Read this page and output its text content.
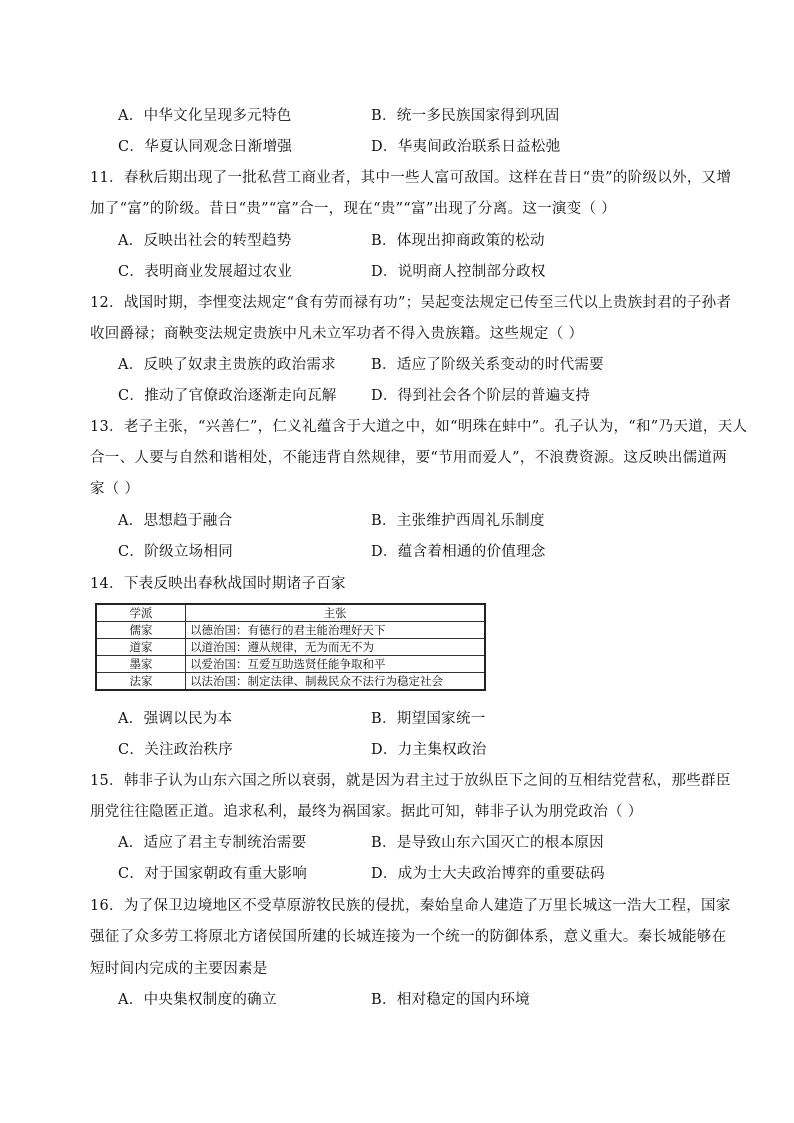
A．中华文化呈现多元特色	B．统一多民族国家得到巩固
C．华夏认同观念日渐增强	D．华夷间政治联系日益松弛
11．春秋后期出现了一批私营工商业者，其中一些人富可敌国。这样在昔日“贵”的阶级以外，又增
加了“富”的阶级。昔日“贵”“富”合一，现在“贵”“富”出现了分离。这一演变（ ）
A．反映出社会的转型趋势	B．体现出抑商政策的松动
C．表明商业发展超过农业	D．说明商人控制部分政权
12．战国时期，李悝变法规定“食有劳而禄有功”；吴起变法规定已传至三代以上贵族封君的子孙者
收回爵禄；商鞅变法规定贵族中凡未立军功者不得入贵族籍。这些规定（ ）
A．反映了奴隶主贵族的政治需求 B．适应了阶级关系变动的时代需要
C．推动了官僚政治逐渐走向瓦解 D．得到社会各个阶层的普遍支持
13．老子主张，“兴善仁”，仁义礼蕴含于大道之中，如“明珠在蚌中”。孔子认为，“和”乃天道，天人
合一、人要与自然和谐相处，不能违背自然规律，要“节用而爱人”，不浪费资源。这反映出儒道两
家（ ）
A．思想趋于融合	B．主张维护西周礼乐制度
C．阶级立场相同	D．蕴含着相通的价值理念
14．下表反映出春秋战国时期诸子百家
学派	主张
儒家	以德治国：有德行的君主能治理好天下
道家	以道治国：遵从规律，无为而无不为
墨家	以爱治国：互爱互助选贤任能争取和平
法家	以法治国：制定法律、制裁民众不法行为稳定社会
A．强调以民为本	B．期望国家统一
C．关注政治秩序	D．力主集权政治
15．韩非子认为山东六国之所以衰弱，就是因为君主过于放纵臣下之间的互相结党营私，那些群臣
朋党往往隐匿正道。追求私利，最终为祸国家。据此可知，韩非子认为朋党政治（ ）
A．适应了君主专制统治需要	B．是导致山东六国灭亡的根本原因
C．对于国家朝政有重大影响	D．成为士大夫政治博弈的重要砝码
16．为了保卫边境地区不受草原游牧民族的侵扰，秦始皇命人建造了万里长城这一浩大工程，国家
强征了众多劳工将原北方诸侯国所建的长城连接为一个统一的防御体系，意义重大。秦长城能够在
短时间内完成的主要因素是
A．中央集权制度的确立	B．相对稳定的国内环境
